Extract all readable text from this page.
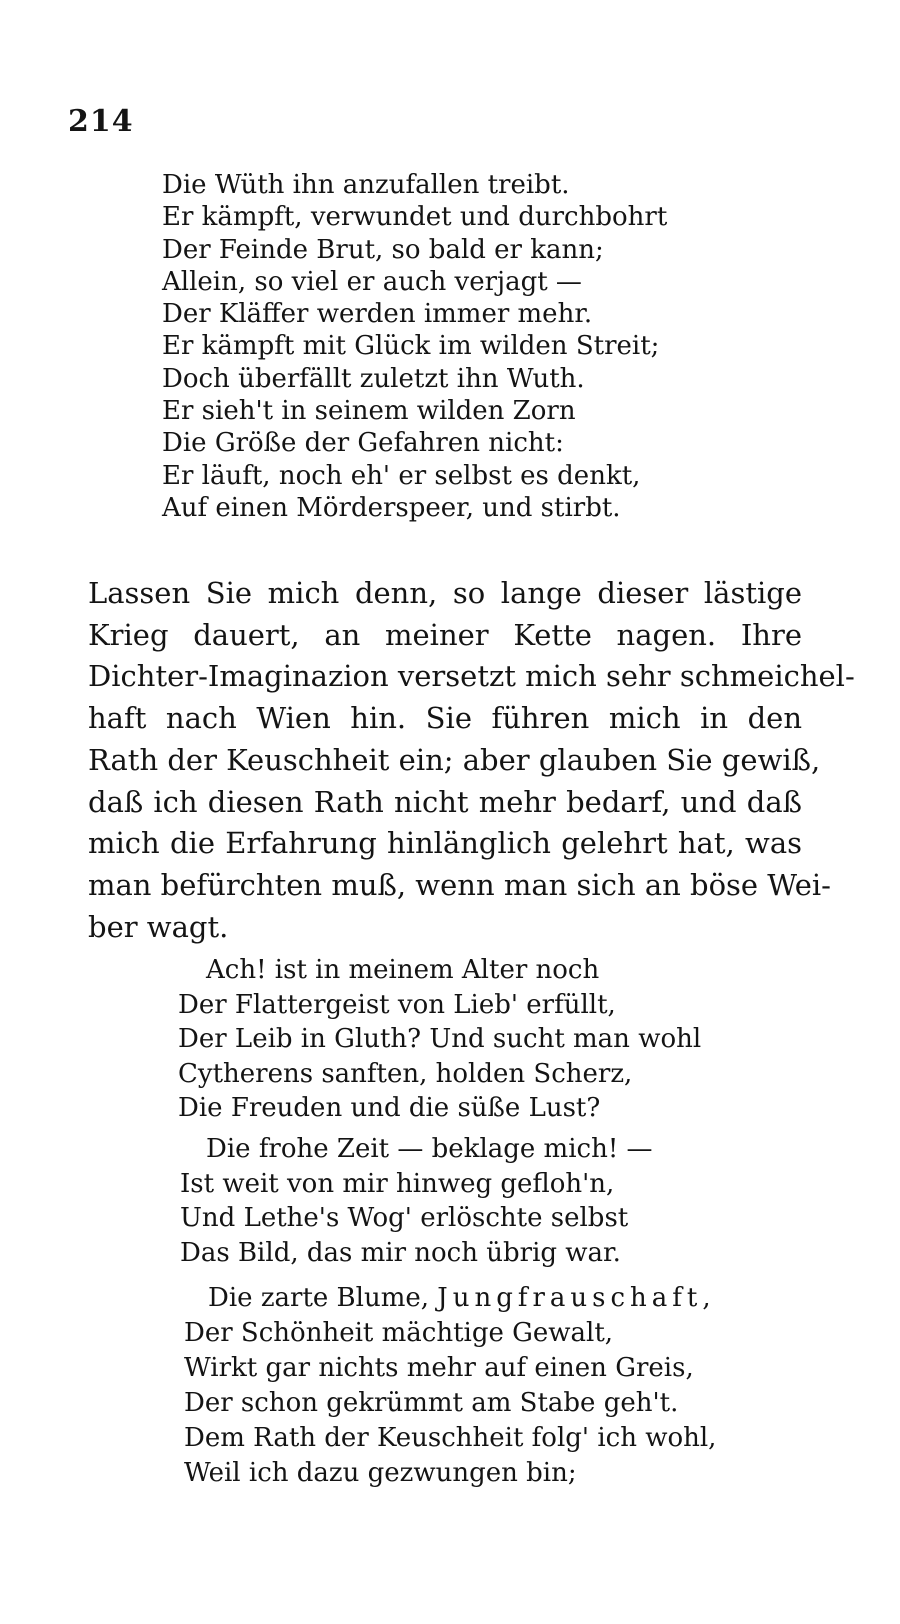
214
Die Wüth ihn anzufallen treibt.
Er kämpft, verwundet und durchbohrt
Der Feinde Brut, so bald er kann;
Allein, so viel er auch verjagt —
Der Kläffer werden immer mehr.
Er kämpft mit Glück im wilden Streit;
Doch überfällt zuletzt ihn Wuth.
Er sieh't in seinem wilden Zorn
Die Größe der Gefahren nicht:
Er läuft, noch eh' er selbst es denkt,
Auf einen Mörderspeer, und stirbt.
Lassen Sie mich denn, so lange dieser lästige
Krieg dauert, an meiner Kette nagen. Ihre
Dichter-Imaginazion versetzt mich sehr schmeichel-
haft nach Wien hin. Sie führen mich in den
Rath der Keuschheit ein; aber glauben Sie gewiß,
daß ich diesen Rath nicht mehr bedarf, und daß
mich die Erfahrung hinlänglich gelehrt hat, was
man befürchten muß, wenn man sich an böse Wei-
ber wagt.
Ach! ist in meinem Alter noch
Der Flattergeist von Lieb' erfüllt,
Der Leib in Gluth? Und sucht man wohl
Cytherens sanften, holden Scherz,
Die Freuden und die süße Lust?
Die frohe Zeit — beklage mich! —
Ist weit von mir hinweg gefloh'n,
Und Lethe's Wog' erlöschte selbst
Das Bild, das mir noch übrig war.
Die zarte Blume, Jungfrauschaft,
Der Schönheit mächtige Gewalt,
Wirkt gar nichts mehr auf einen Greis,
Der schon gekrümmt am Stabe geh't.
Dem Rath der Keuschheit folg' ich wohl,
Weil ich dazu gezwungen bin;
